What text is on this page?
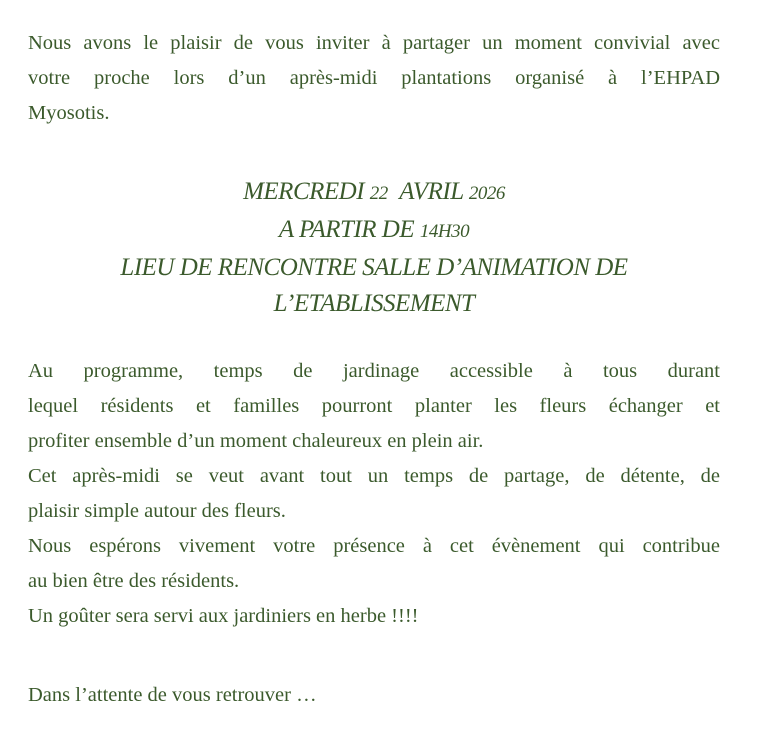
Nous avons le plaisir de vous inviter à partager un moment convivial avec
votre proche lors d’un après-midi plantations organisé à l’EHPAD
Myosotis.

MERCREDI 22 AVRIL 2026
A PARTIR DE 14H30
LIEU DE RENCONTRE SALLE D’ANIMATION DE
L’ETABLISSEMENT

Au programme, temps de jardinage accessible à tous durant
lequel résidents et familles pourront planter les fleurs échanger et
profiter ensemble d’un moment chaleureux en plein air.
Cet après-midi se veut avant tout un temps de partage, de détente, de
plaisir simple autour des fleurs.
Nous espérons vivement votre présence à cet évènement qui contribue
au bien être des résidents.
Un goûter sera servi aux jardiniers en herbe !!!!

Dans l’attente de vous retrouver …
